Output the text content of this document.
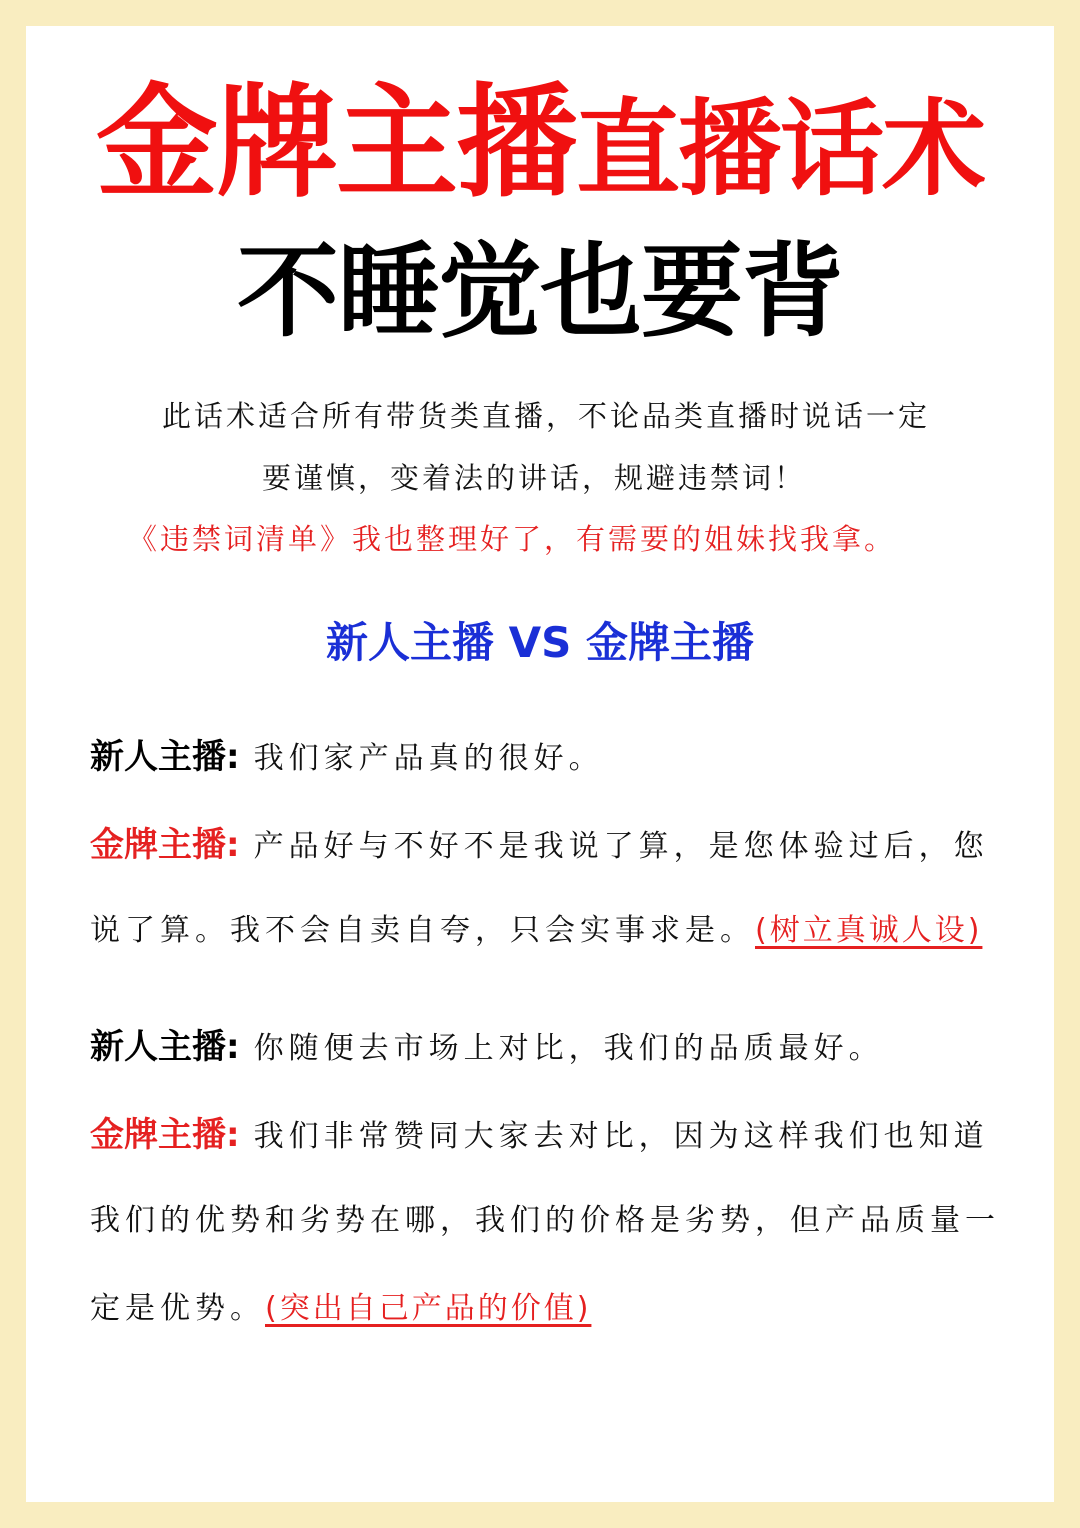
金牌主播直播话术
不睡觉也要背
此话术适合所有带货类直播，不论品类直播时说话一定
要谨慎，变着法的讲话，规避违禁词！
《违禁词清单》我也整理好了，有需要的姐妹找我拿。
新人主播 VS 金牌主播
新人主播: 我们家产品真的很好。
金牌主播: 产品好与不好不是我说了算，是您体验过后，您
说了算。我不会自卖自夸，只会实事求是。(树立真诚人设)
新人主播: 你随便去市场上对比，我们的品质最好。
金牌主播: 我们非常赞同大家去对比，因为这样我们也知道
我们的优势和劣势在哪，我们的价格是劣势，但产品质量一
定是优势。(突出自己产品的价值)
